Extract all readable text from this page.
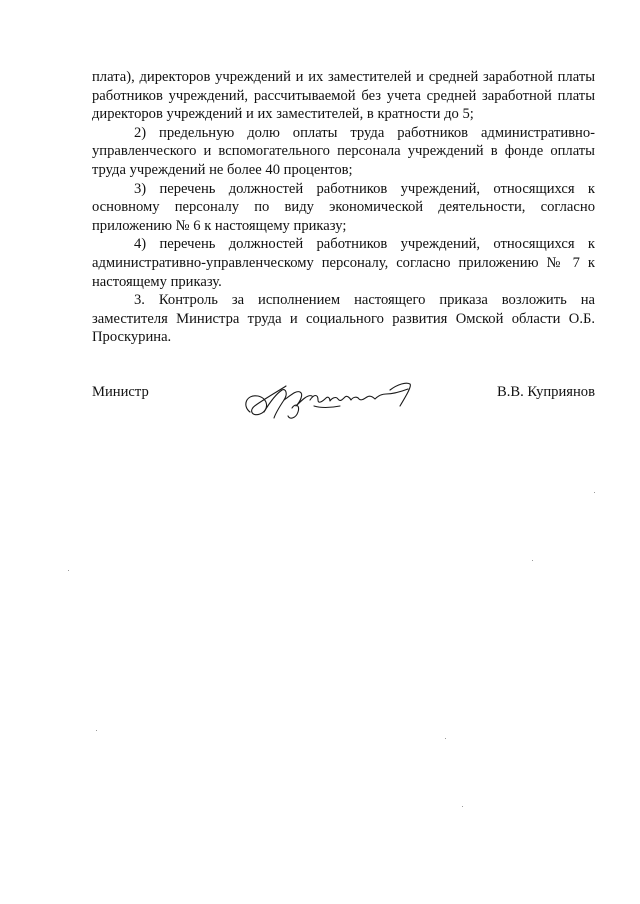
плата), директоров учреждений и их заместителей и средней заработной платы работников учреждений, рассчитываемой без учета средней заработной платы директоров учреждений и их заместителей, в кратности до 5;

2) предельную долю оплаты труда работников административно-управленческого и вспомогательного персонала учреждений в фонде оплаты труда учреждений не более 40 процентов;

3) перечень должностей работников учреждений, относящихся к основному персоналу по виду экономической деятельности, согласно приложению № 6 к настоящему приказу;

4) перечень должностей работников учреждений, относящихся к административно-управленческому персоналу, согласно приложению № 7 к настоящему приказу.

3. Контроль за исполнением настоящего приказа возложить на заместителя Министра труда и социального развития Омской области О.Б. Проскурина.

Министр	В.В. Куприянов
